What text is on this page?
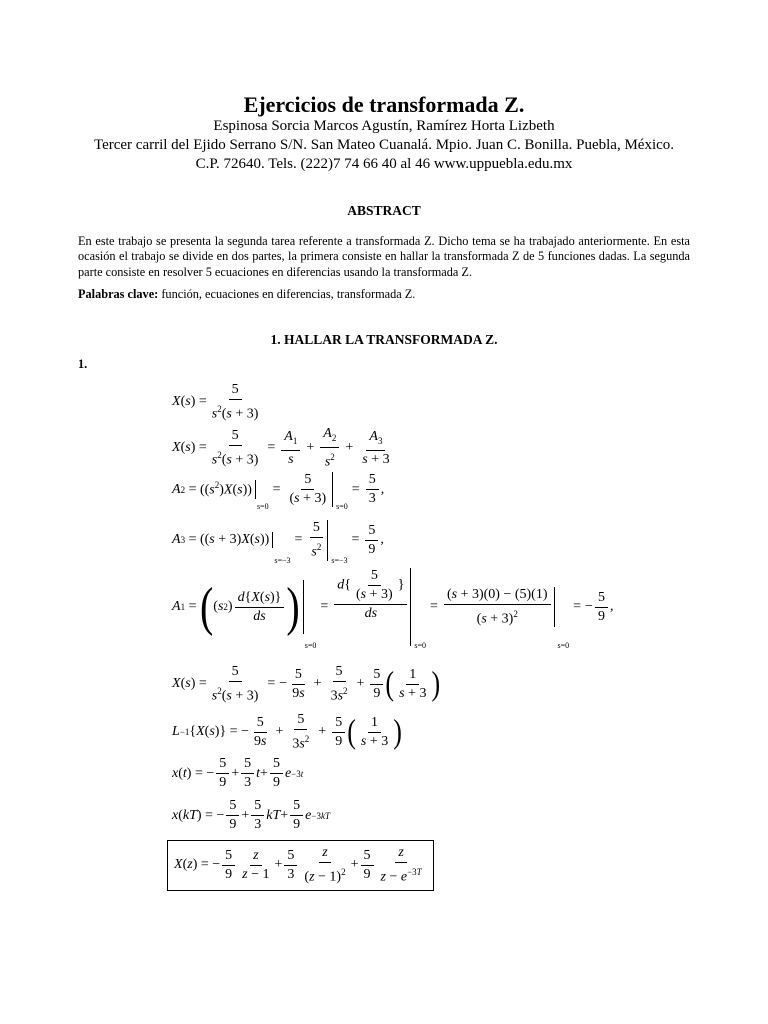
Ejercicios de transformada Z.
Espinosa Sorcia Marcos Agustín, Ramírez Horta Lizbeth
Tercer carril del Ejido Serrano S/N. San Mateo Cuanalá. Mpio. Juan C. Bonilla. Puebla, México.
C.P. 72640. Tels. (222)7 74 66 40 al 46 www.uppuebla.edu.mx
ABSTRACT
En este trabajo se presenta la segunda tarea referente a transformada Z. Dicho tema se ha trabajado anteriormente. En esta ocasión el trabajo se divide en dos partes, la primera consiste en hallar la transformada Z de 5 funciones dadas. La segunda parte consiste en resolver 5 ecuaciones en diferencias usando la transformada Z.
Palabras clave: función, ecuaciones en diferencias, transformada Z.
1. HALLAR LA TRANSFORMADA Z.
1.
X ( s ) = $\frac{5}{s^2(s + 3)}$
X ( s ) = $\frac{5}{s^2(s + 3)} = \frac{A_1}{s} + \frac{A_2}{s^2} + \frac{A_3}{s + 3}$
A $2 = ((s^2)X(s))$
s=0
= $\frac{5}{(s + 3)} s=0$
= $\frac{5}{3}$ ,
A 3 = ((s + 3)X(s))
s=−3
= $\frac{5}{s^2} s=-3$
= $\frac{5}{9}$ ,
A 1 = ( ( s 2 ) $\frac{d\{X(s)\}}{ds}$ )
s=0
= $\frac{d\{ \frac{5}{(s + 3)} \}}{ds} s=0$
= $\frac{(s + 3)(0) - (5)(1)}{(s + 3)^2}$
s=0
= − $\frac{5}{9}$ ,
X ( s ) = $\frac{5}{s^2(s + 3)}$ = − $\frac{5}{9s} + \frac{5}{3s^2} + \frac{5}{9}$ ( $\frac{1}{s + 3}$ )
L −1 { X ( s )} = − $\frac{5}{9s} + \frac{5}{3s^2} + \frac{5}{9}$ ( $\frac{1}{s + 3}$ )
x ( t ) = − $\frac{5}{9} + \frac{5}{3}$ $t + \frac{5}{9}$ e −3t
x ( kT ) = − $\frac{5}{9} + \frac{5}{3}$ kT + $\frac{5}{9}$ e −3kT
X ( z ) = − $\frac{5}{9} \frac{z}{z - 1} + \frac{5}{3} \frac{z}{(z - 1)^2} + \frac{5}{9} \frac{z}{z - e^{-3T}}$
